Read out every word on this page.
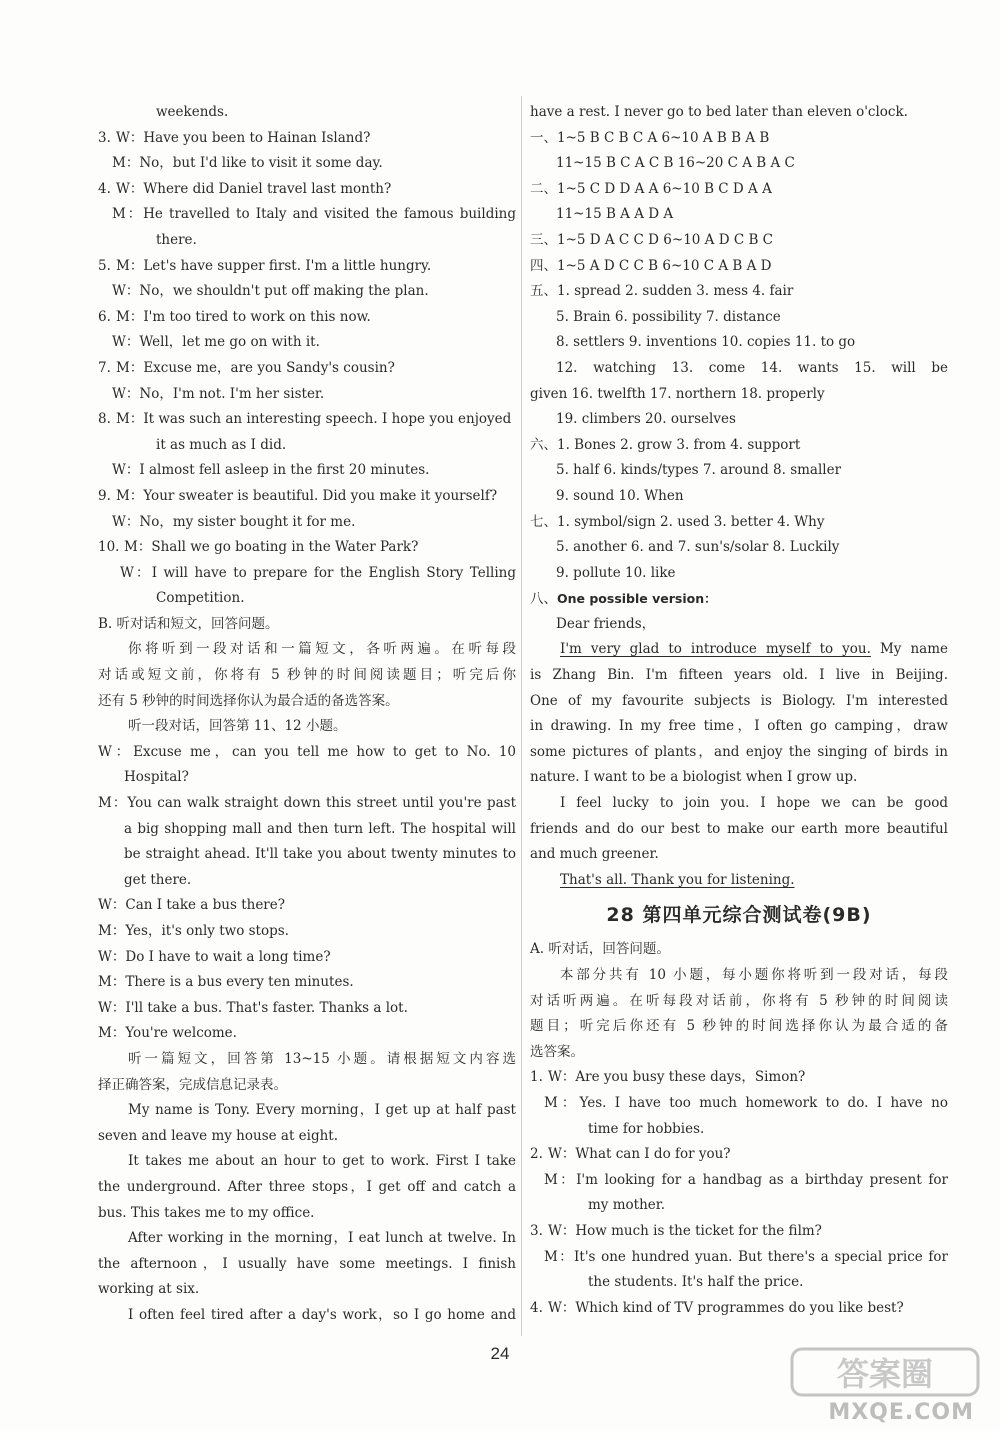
weekends.
3. W：Have you been to Hainan Island?
M：No，but I'd like to visit it some day.
4. W：Where did Daniel travel last month?
M：He travelled to Italy and visited the famous building
there.
5. M：Let's have supper first. I'm a little hungry.
W：No，we shouldn't put off making the plan.
6. M：I'm too tired to work on this now.
W：Well，let me go on with it.
7. M：Excuse me，are you Sandy's cousin?
W：No，I'm not. I'm her sister.
8. M：It was such an interesting speech. I hope you enjoyed
it as much as I did.
W：I almost fell asleep in the first 20 minutes.
9. M：Your sweater is beautiful. Did you make it yourself?
W：No，my sister bought it for me.
10. M：Shall we go boating in the Water Park?
W：I will have to prepare for the English Story Telling
Competition.
B. 听对话和短文，回答问题。
你将听到一段对话和一篇短文，各听两遍。在听每段
对话或短文前，你将有 5 秒钟的时间阅读题目；听完后你
还有 5 秒钟的时间选择你认为最合适的备选答案。
听一段对话，回答第 11、12 小题。
W：Excuse me，can you tell me how to get to No. 10
Hospital?
M：You can walk straight down this street until you're past
a big shopping mall and then turn left. The hospital will
be straight ahead. It'll take you about twenty minutes to
get there.
W：Can I take a bus there?
M：Yes，it's only two stops.
W：Do I have to wait a long time?
M：There is a bus every ten minutes.
W：I'll take a bus. That's faster. Thanks a lot.
M：You're welcome.
听一篇短文，回答第 13~15 小题。请根据短文内容选
择正确答案，完成信息记录表。
My name is Tony. Every morning，I get up at half past
seven and leave my house at eight.
It takes me about an hour to get to work. First I take
the underground. After three stops，I get off and catch a
bus. This takes me to my office.
After working in the morning，I eat lunch at twelve. In
the afternoon，I usually have some meetings. I finish
working at six.
I often feel tired after a day's work，so I go home and
have a rest. I never go to bed later than eleven o'clock.
一、1~5 B C B C A 6~10 A B B A B
11~15 B C A C B 16~20 C A B A C
二、1~5 C D D A A 6~10 B C D A A
11~15 B A A D A
三、1~5 D A C C D 6~10 A D C B C
四、1~5 A D C C B 6~10 C A B A D
五、1. spread 2. sudden 3. mess 4. fair
5. Brain 6. possibility 7. distance
8. settlers 9. inventions 10. copies 11. to go
12. watching 13. come 14. wants 15. will be
given 16. twelfth 17. northern 18. properly
19. climbers 20. ourselves
六、1. Bones 2. grow 3. from 4. support
5. half 6. kinds/types 7. around 8. smaller
9. sound 10. When
七、1. symbol/sign 2. used 3. better 4. Why
5. another 6. and 7. sun's/solar 8. Luckily
9. pollute 10. like
八、One possible version：
Dear friends，
I'm very glad to introduce myself to you. My name
is Zhang Bin. I'm fifteen years old. I live in Beijing.
One of my favourite subjects is Biology. I'm interested
in drawing. In my free time，I often go camping，draw
some pictures of plants，and enjoy the singing of birds in
nature. I want to be a biologist when I grow up.
I feel lucky to join you. I hope we can be good
friends and do our best to make our earth more beautiful
and much greener.
That's all. Thank you for listening.
28 第四单元综合测试卷(9B)
A. 听对话，回答问题。
本部分共有 10 小题，每小题你将听到一段对话，每段
对话听两遍。在听每段对话前，你将有 5 秒钟的时间阅读
题目；听完后你还有 5 秒钟的时间选择你认为最合适的备
选答案。
1. W：Are you busy these days，Simon?
M：Yes. I have too much homework to do. I have no
time for hobbies.
2. W：What can I do for you?
M：I'm looking for a handbag as a birthday present for
my mother.
3. W：How much is the ticket for the film?
M：It's one hundred yuan. But there's a special price for
the students. It's half the price.
4. W：Which kind of TV programmes do you like best?
24
答案圈
MXQE.COM
